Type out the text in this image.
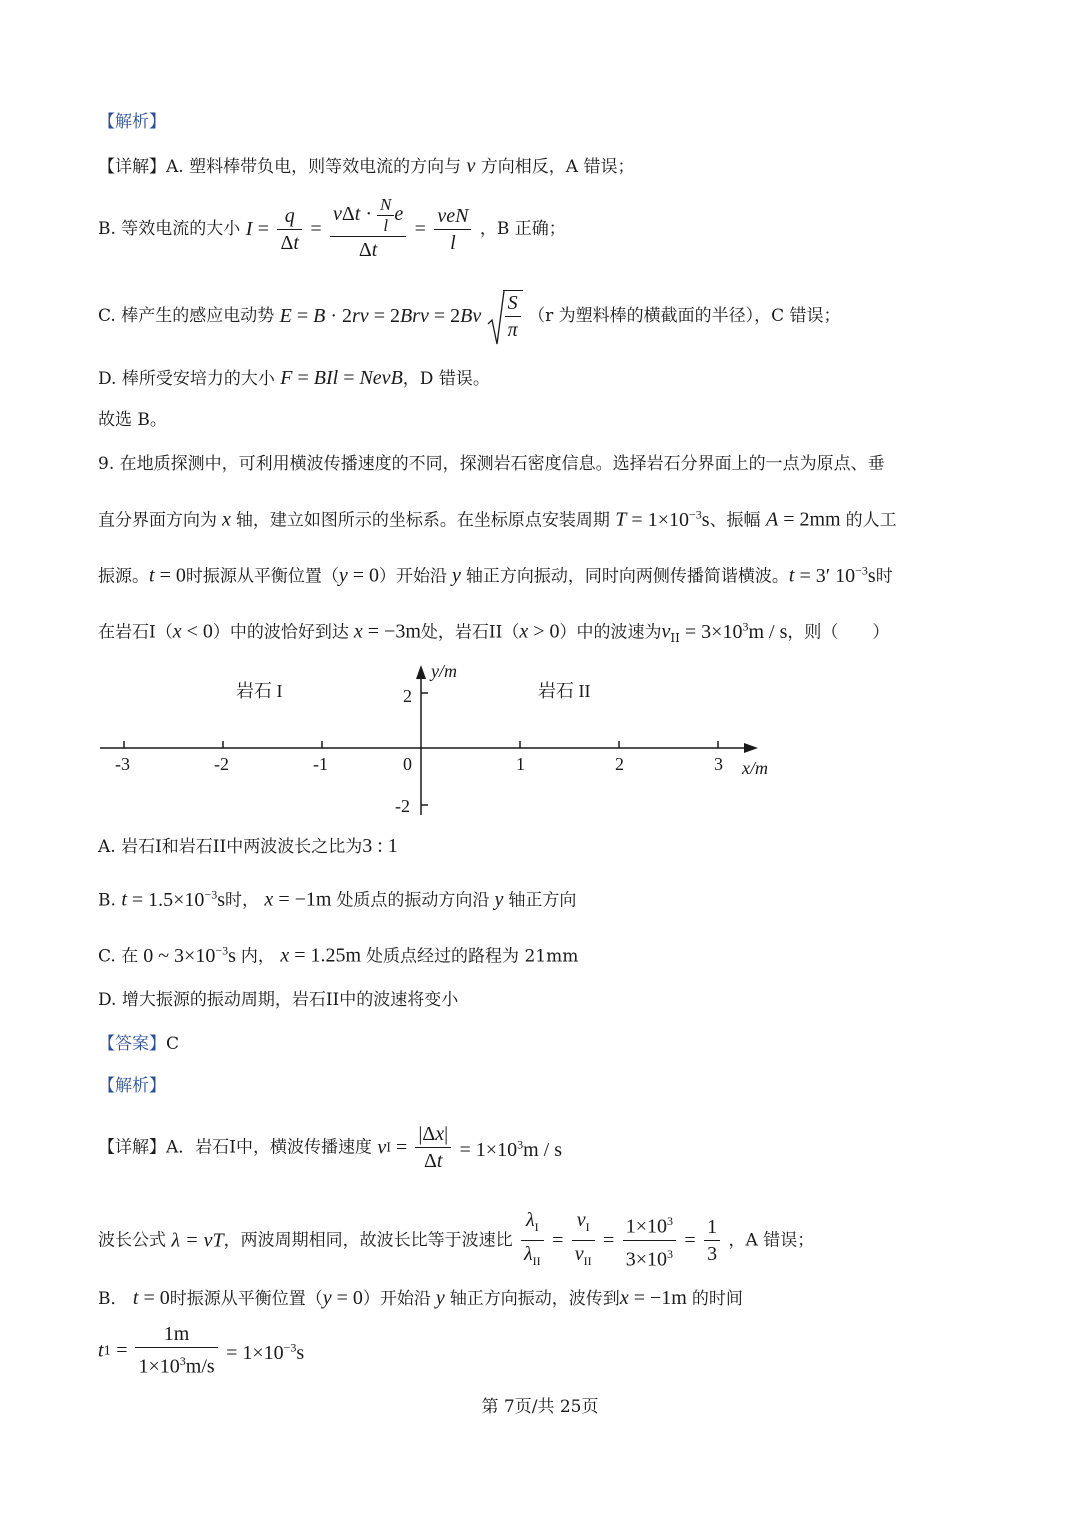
【解析】
【详解】A. 塑料棒带负电，则等效电流的方向与 v 方向相反，A 错误；
B. 等效电流的大小 $I = \frac{q}{\Delta t} = \frac{v\Delta t \cdot \frac{N}{l} e}{\Delta t} = \frac{\text{veN}}{l}$ ，B 正确；
C. 棒产生的感应电动势 $E = B \cdot 2rv = 2Brv = 2Bv \frac{S}{\pi} (r$ 为塑料棒的横截面的半径），C 错误；
D. 棒所受安培力的大小 F = BIl = NevB，D 错误。
故选 B。
9. 在地质探测中，可利用横波传播速度的不同，探测岩石密度信息。选择岩石分界面上的一点为原点、垂
直分界面方向为 x 轴，建立如图所示的坐标系。在坐标原点安装周期 $T = 1\times 10^{-3}s$、振幅 A = 2mm 的人工
振源。t = 0时振源从平衡位置（y = 0）开始沿 y 轴正方向振动，同时向两侧传播简谐横波。t = 3′ $10^{-3}s$时
在岩石I（x < 0）中的波恰好到达 x = −3m处，岩石II（x > 0）中的波速为$v_{II} = 3\times 10^3m / s$，则（　　）
岩石 I	岩石 II
y/m
x/m
2
-2
-3	-2	-1	0	1	2	3
A. 岩石I和岩石II中两波波长之比为3 : 1
B. $t = 1.5\times 10^{-3}s$时， x = −1m 处质点的振动方向沿 y 轴正方向
C. 在 0 ~ $3\times 10^{-3}s$ 内， x = 1.25m 处质点经过的路程为 21mm
D. 增大振源的振动周期，岩石II中的波速将变小
【答案】C
【解析】
【详解】A．岩石I中，横波传播速度 vI = $\frac{|\Delta x|}{\Delta t} = 1\times 10^3m / s$
波长公式 λ = vT，两波周期相同，故波长比等于波速比 $\frac{\lambda_I}{\lambda_{II}} = \frac{v_I}{v_{II}} = \frac{1\times 10^3}{3\times 10^3} = \frac{1}{3}$ ，A 错误；
B． t = 0时振源从平衡位置（y = 0）开始沿 y 轴正方向振动，波传到x = −1m 的时间
$t1 = \frac{1m}{1\times 10^3m/s} = 1\times 10^{-3}s$
第 7页/共 25页
